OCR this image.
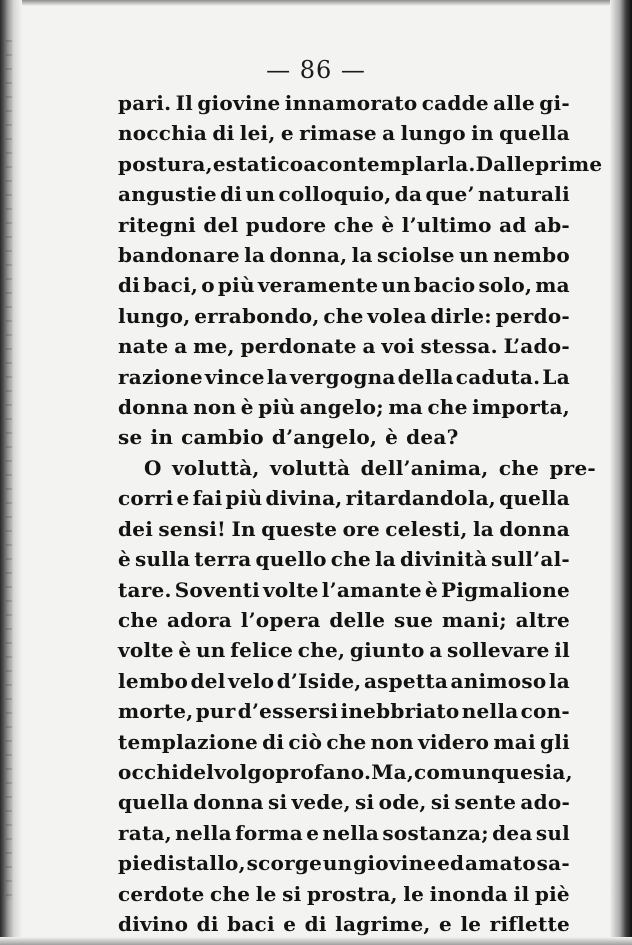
— 86 —
pari. Il giovine innamorato cadde alle gi-
nocchia di lei, e rimase a lungo in quella
postura, estatico a contemplarla. Dalle prime
angustie di un colloquio, da que’ naturali
ritegni del pudore che è l’ultimo ad ab-
bandonare la donna, la sciolse un nembo
di baci, o più veramente un bacio solo, ma
lungo, errabondo, che volea dirle: perdo-
nate a me, perdonate a voi stessa. L’ado-
razione vince la vergogna della caduta. La
donna non è più angelo; ma che importa,
se in cambio d’angelo, è dea?
O voluttà, voluttà dell’anima, che pre-
corri e fai più divina, ritardandola, quella
dei sensi! In queste ore celesti, la donna
è sulla terra quello che la divinità sull’al-
tare. Soventi volte l’amante è Pigmalione
che adora l’opera delle sue mani; altre
volte è un felice che, giunto a sollevare il
lembo del velo d’Iside, aspetta animoso la
morte, pur d’essersi inebbriato nella con-
templazione di ciò che non videro mai gli
occhi del volgo profano. Ma, comunque sia,
quella donna si vede, si ode, si sente ado-
rata, nella forma e nella sostanza; dea sul
piedistallo, scorge un giovine ed amato sa-
cerdote che le si prostra, le inonda il piè
divino di baci e di lagrime, e le riflette
